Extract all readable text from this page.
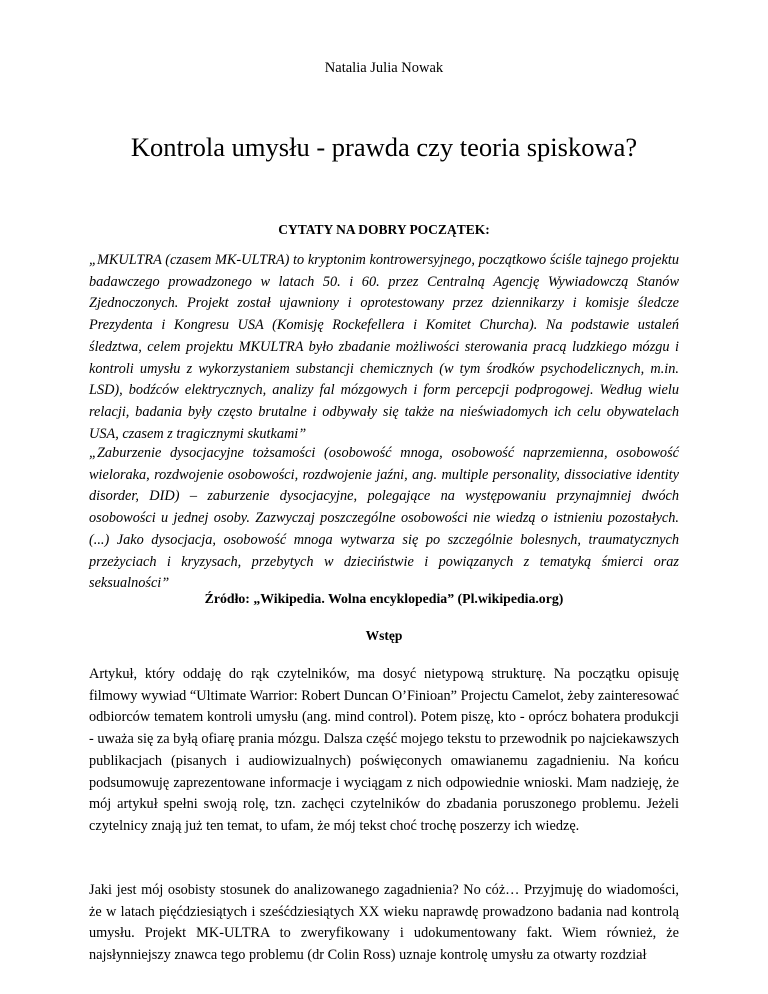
Natalia Julia Nowak
Kontrola umysłu - prawda czy teoria spiskowa?
CYTATY NA DOBRY POCZĄTEK:

„MKULTRA (czasem MK-ULTRA) to kryptonim kontrowersyjnego, początkowo ściśle tajnego projektu badawczego prowadzonego w latach 50. i 60. przez Centralną Agencję Wywiadowczą Stanów Zjednoczonych. Projekt został ujawniony i oprotestowany przez dziennikarzy i komisje śledcze Prezydenta i Kongresu USA (Komisję Rockefellera i Komitet Churcha). Na podstawie ustaleń śledztwa, celem projektu MKULTRA było zbadanie możliwości sterowania pracą ludzkiego mózgu i kontroli umysłu z wykorzystaniem substancji chemicznych (w tym środków psychodelicznych, m.in. LSD), bodźców elektrycznych, analizy fal mózgowych i form percepcji podprogowej. Według wielu relacji, badania były często brutalne i odbywały się także na nieświadomych ich celu obywatelach USA, czasem z tragicznymi skutkami”

„Zaburzenie dysocjacyjne tożsamości (osobowość mnoga, osobowość naprzemienna, osobowość wieloraka, rozdwojenie osobowości, rozdwojenie jaźni, ang. multiple personality, dissociative identity disorder, DID) – zaburzenie dysocjacyjne, polegające na występowaniu przynajmniej dwóch osobowości u jednej osoby. Zazwyczaj poszczególne osobowości nie wiedzą o istnieniu pozostałych. (...) Jako dysocjacja, osobowość mnoga wytwarza się po szczególnie bolesnych, traumatycznych przeżyciach i kryzysach, przebytych w dzieciństwie i powiązanych z tematyką śmierci oraz seksualności”

Źródło: „Wikipedia. Wolna encyklopedia” (Pl.wikipedia.org)
Wstęp

Artykuł, który oddaję do rąk czytelników, ma dosyć nietypową strukturę. Na początku opisuję filmowy wywiad “Ultimate Warrior: Robert Duncan O’Finioan” Projectu Camelot, żeby zainteresować odbiorców tematem kontroli umysłu (ang. mind control). Potem piszę, kto - oprócz bohatera produkcji - uważa się za byłą ofiarę prania mózgu. Dalsza część mojego tekstu to przewodnik po najciekawszych publikacjach (pisanych i audiowizualnych) poświęconych omawianemu zagadnieniu. Na końcu podsumowuję zaprezentowane informacje i wyciągam z nich odpowiednie wnioski. Mam nadzieję, że mój artykuł spełni swoją rolę, tzn. zachęci czytelników do zbadania poruszonego problemu. Jeżeli czytelnicy znają już ten temat, to ufam, że mój tekst choć trochę poszerzy ich wiedzę.

Jaki jest mój osobisty stosunek do analizowanego zagadnienia? No cóż… Przyjmuję do wiadomości, że w latach pięćdziesiątych i sześćdziesiątych XX wieku naprawdę prowadzono badania nad kontrolą umysłu. Projekt MK-ULTRA to zweryfikowany i udokumentowany fakt. Wiem również, że najsłynniejszy znawca tego problemu (dr Colin Ross) uznaje kontrolę umysłu za otwarty rozdział
